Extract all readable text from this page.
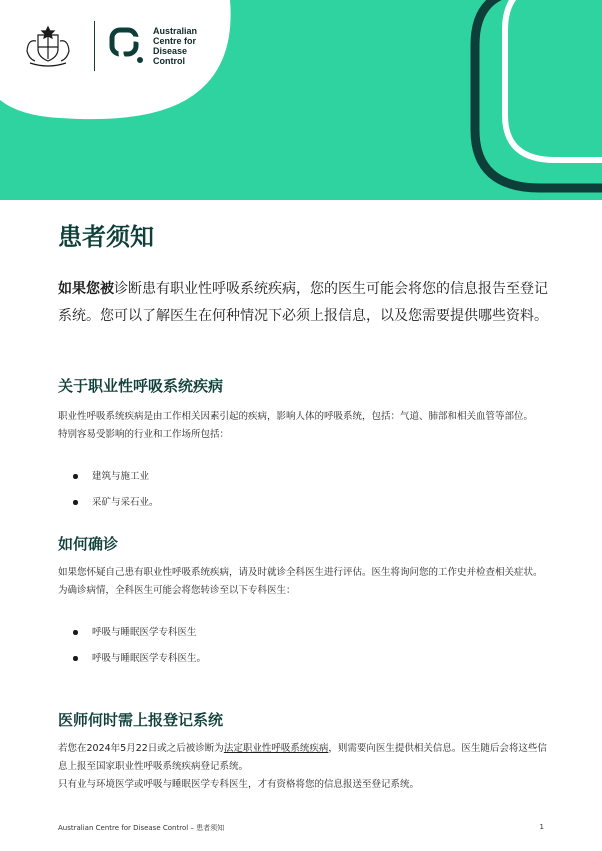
Australian
Centre for
Disease
Control
患者须知
如果您被诊断患有职业性呼吸系统疾病，您的医生可能会将您的信息报告至登记系统。您可以了解医生在何种情况下必须上报信息，以及您需要提供哪些资料。
关于职业性呼吸系统疾病
职业性呼吸系统疾病是由工作相关因素引起的疾病，影响人体的呼吸系统，包括：气道、肺部和相关血管等部位。
特别容易受影响的行业和工作场所包括：
建筑与施工业
采矿与采石业。
如何确诊
如果您怀疑自己患有职业性呼吸系统疾病，请及时就诊全科医生进行评估。医生将询问您的工作史并检查相关症状。
为确诊病情，全科医生可能会将您转诊至以下专科医生：
呼吸与睡眠医学专科医生
呼吸与睡眠医学专科医生。
医师何时需上报登记系统
若您在2024年5月22日或之后被诊断为法定职业性呼吸系统疾病，则需要向医生提供相关信息。医生随后会将这些信息上报至国家职业性呼吸系统疾病登记系统。
只有业与环境医学或呼吸与睡眠医学专科医生，才有资格将您的信息报送至登记系统。
Australian Centre for Disease Control – 患者须知	1
